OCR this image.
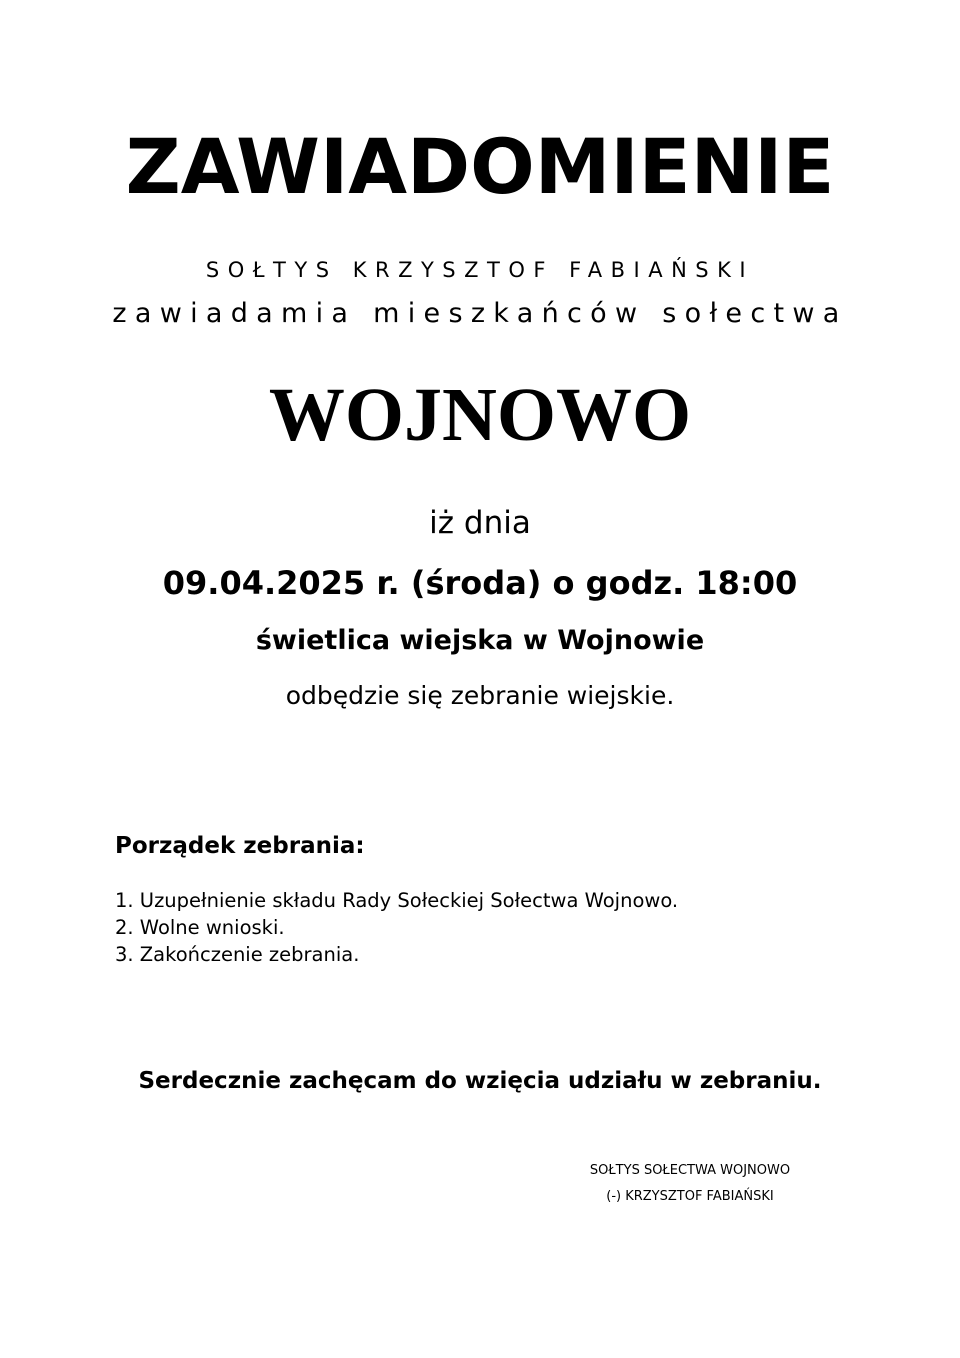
ZAWIADOMIENIE
SOŁTYS KRZYSZTOF FABIAŃSKI
zawiadamia mieszkańców sołectwa
WOJNOWO
iż dnia
09.04.2025 r. (środa) o godz. 18:00
świetlica wiejska w Wojnowie
odbędzie się zebranie wiejskie.
Porządek zebrania:
1. Uzupełnienie składu Rady Sołeckiej Sołectwa Wojnowo.
2. Wolne wnioski.
3. Zakończenie zebrania.
Serdecznie zachęcam do wzięcia udziału w zebraniu.
SOŁTYS SOŁECTWA WOJNOWO
(-) KRZYSZTOF FABIAŃSKI
